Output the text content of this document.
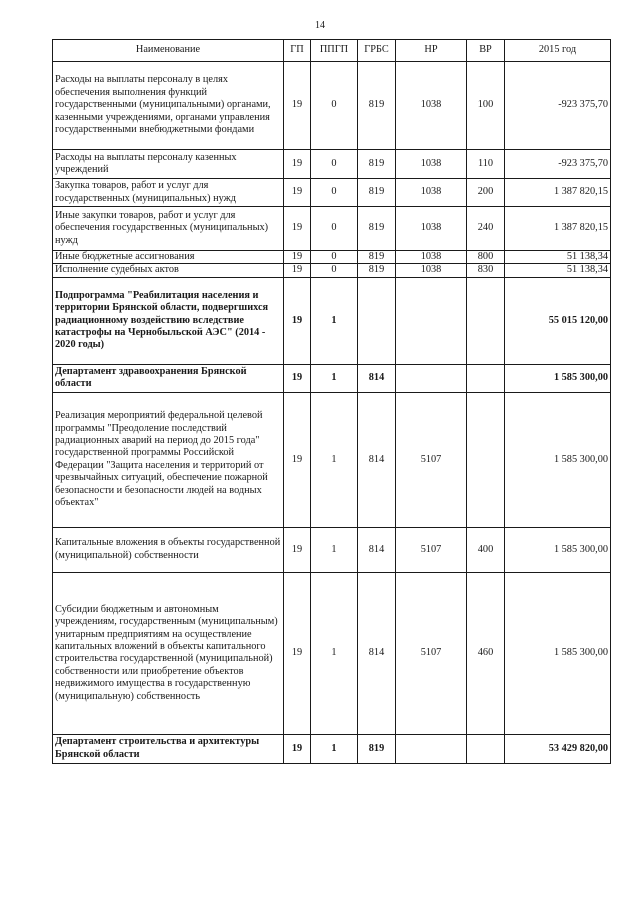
14
Наименование	ГП	ППГП	ГРБС	НР	ВР	2015 год
Расходы на выплаты персоналу в целях обеспечения выполнения функций государственными (муниципальными) органами, казенными учреждениями, органами управления государственными внебюджетными фондами	19	0	819	1038	100	-923 375,70
Расходы на выплаты персоналу казенных учреждений	19	0	819	1038	110	-923 375,70
Закупка товаров, работ и услуг для государственных (муниципальных) нужд	19	0	819	1038	200	1 387 820,15
Иные закупки товаров, работ и услуг для обеспечения государственных (муниципальных) нужд	19	0	819	1038	240	1 387 820,15
Иные бюджетные ассигнования	19	0	819	1038	800	51 138,34
Исполнение судебных актов	19	0	819	1038	830	51 138,34
Подпрограмма "Реабилитация населения и территории Брянской области, подвергшихся радиационному воздействию вследствие катастрофы на Чернобыльской АЭС" (2014 - 2020 годы)	19	1				55 015 120,00
Департамент здравоохранения Брянской области	19	1	814			1 585 300,00
Реализация мероприятий федеральной целевой программы "Преодоление последствий радиационных аварий на период до 2015 года" государственной программы Российской Федерации "Защита населения и территорий от чрезвычайных ситуаций, обеспечение пожарной безопасности и безопасности людей на водных объектах"	19	1	814	5107		1 585 300,00
Капитальные вложения в объекты государственной (муниципальной) собственности	19	1	814	5107	400	1 585 300,00
Субсидии бюджетным и автономным учреждениям, государственным (муниципальным) унитарным предприятиям на осуществление капитальных вложений в объекты капитального строительства государственной (муниципальной) собственности или приобретение объектов недвижимого имущества в государственную (муниципальную) собственность	19	1	814	5107	460	1 585 300,00
Департамент строительства и архитектуры Брянской области	19	1	819			53 429 820,00
